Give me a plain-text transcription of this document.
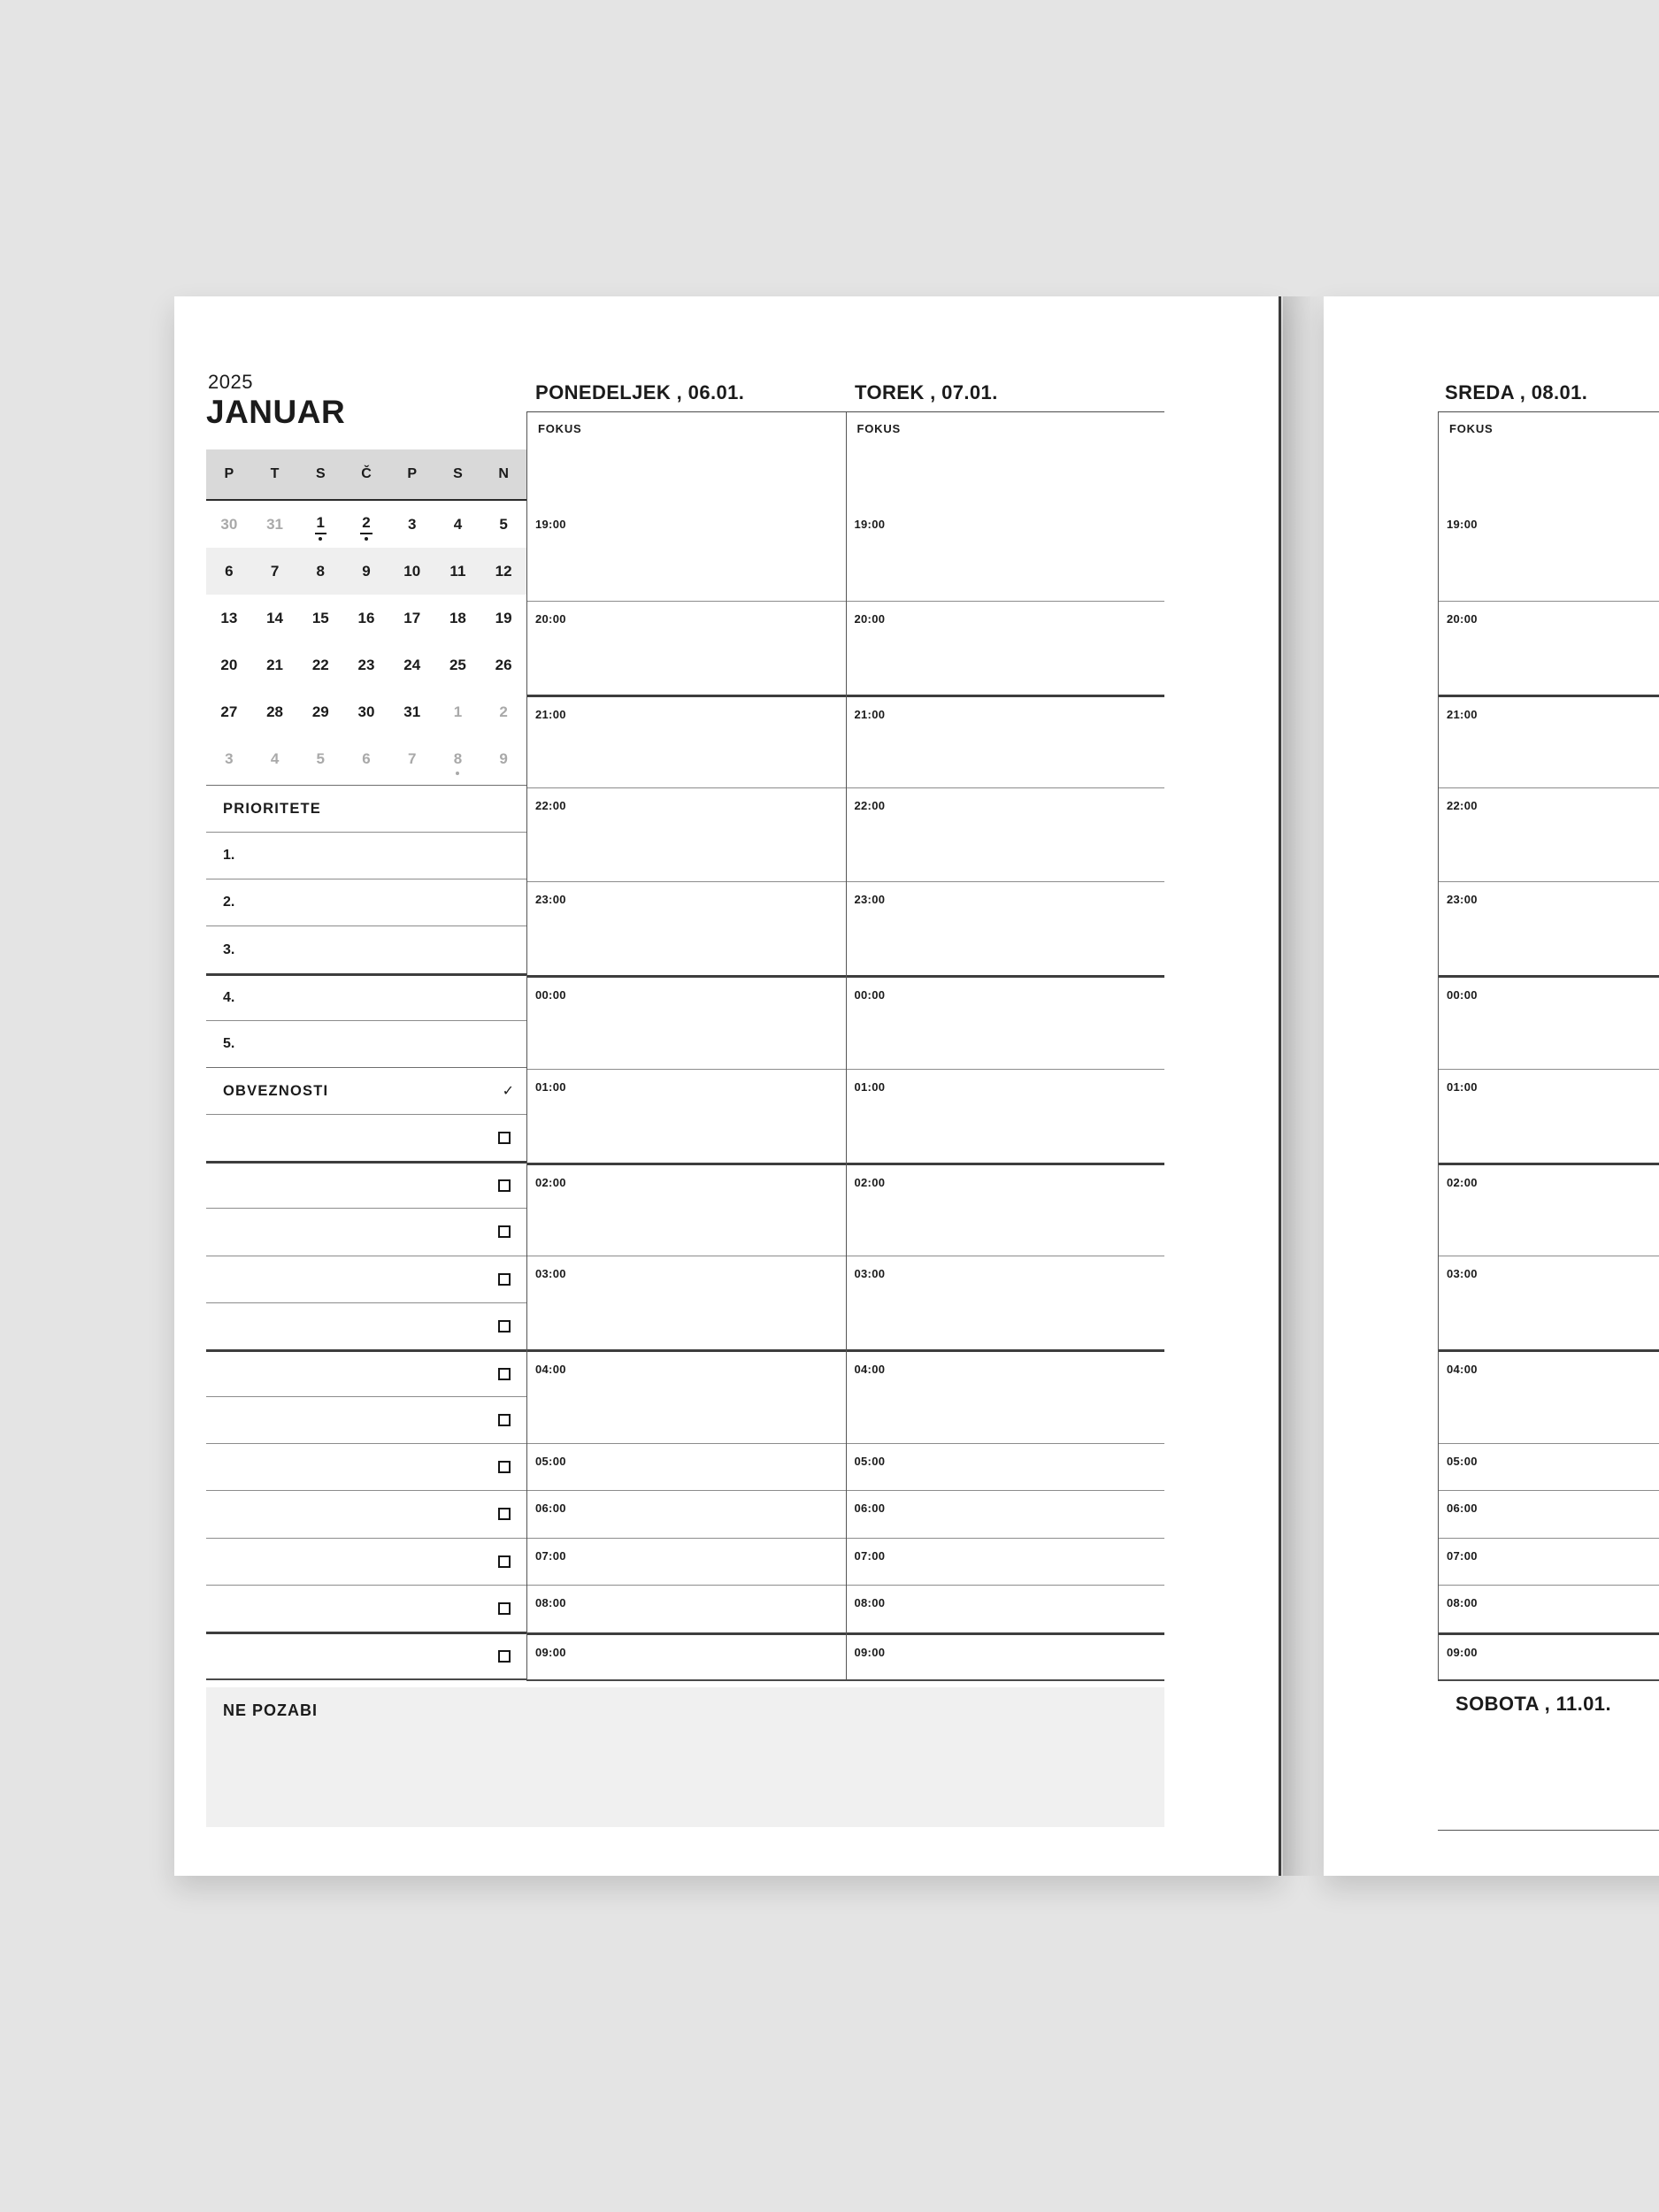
2025
JANUAR
P	T	S	Č	P	S	N
30 31 1 2 3 4 5
6 7 8 9 10 11 12
13 14 15 16 17 18 19
20 21 22 23 24 25 26
27 28 29 30 31 1 2
3 4 5 6 7 8 9
PRIORITETE
1.
2.
3.
4.
5.
OBVEZNOSTI	✓
PONEDELJEK , 06.01.	TOREK , 07.01.
FOKUS
19:00
20:00
21:00
22:00
23:00
00:00
01:00
02:00
03:00
04:00
05:00
06:00
07:00
08:00
09:00
FOKUS
19:00
20:00
21:00
22:00
23:00
00:00
01:00
02:00
03:00
04:00
05:00
06:00
07:00
08:00
09:00
NE POZABI
SREDA , 08.01.
FOKUS
19:00
20:00
21:00
22:00
23:00
00:00
01:00
02:00
03:00
04:00
05:00
06:00
07:00
08:00
09:00
SOBOTA , 11.01.
